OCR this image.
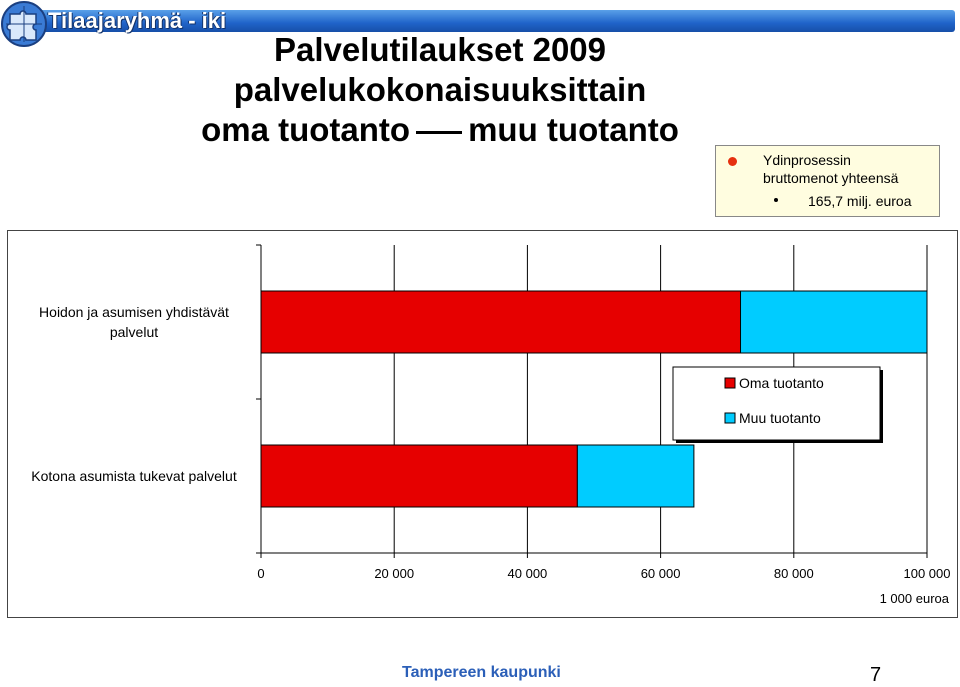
Tilaajaryhmä - iki
Palvelutilaukset 2009
palvelukokonaisuuksittain
oma tuotanto muu tuotanto
Ydinprosessin
bruttomenot yhteensä
165,7 milj. euroa
0	20 000	40 000	60 000	80 000	100 000
1 000 euroa
Hoidon ja asumisen yhdistävät
palvelut
Kotona asumista tukevat palvelut
Oma tuotanto
Muu tuotanto
Tampereen kaupunki	7
